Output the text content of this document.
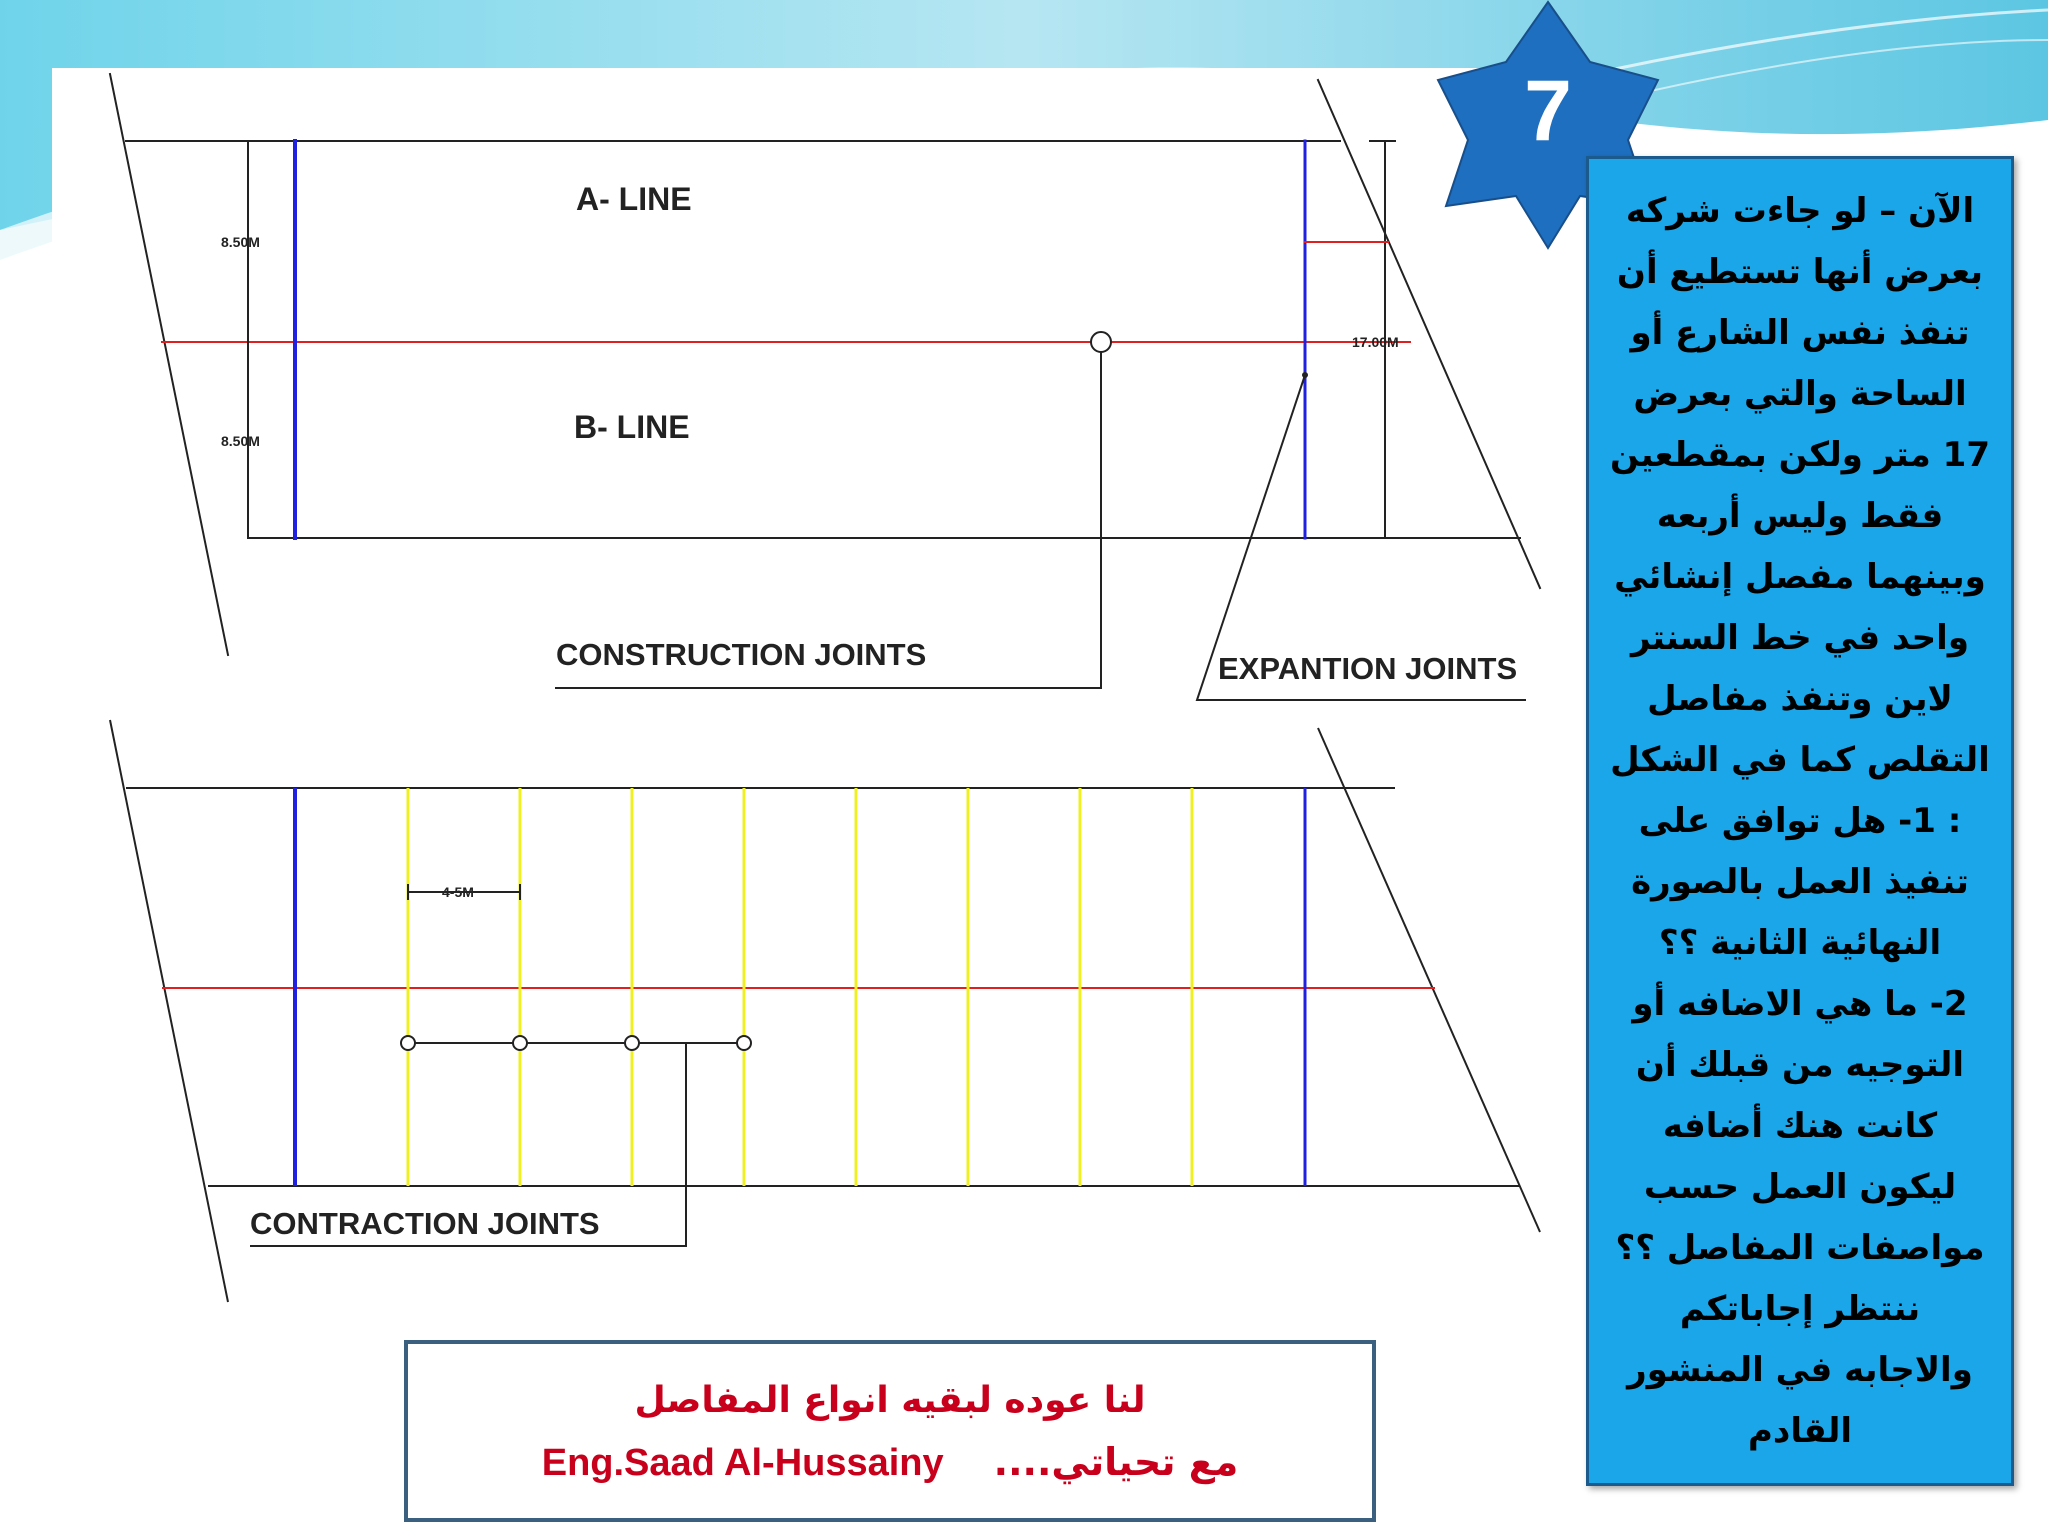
A- LINE
B- LINE
8.50M
8.50M
17.00M
CONSTRUCTION JOINTS	EXPANTION JOINTS
4-5M
CONTRACTION JOINTS
7
الآن – لو جاءت شركه
بعرض أنها تستطيع أن
تنفذ نفس الشارع أو
الساحة والتي بعرض
17 متر ولكن بمقطعين
فقط وليس أربعه
وبينهما مفصل إنشائي
واحد في خط السنتر
لاين وتنفذ مفاصل
التقلص كما في الشكل
: 1- هل توافق على
تنفيذ العمل بالصورة
النهائية الثانية ؟؟
2- ما هي الاضافه أو
التوجيه من قبلك أن
كانت هنك أضافه
ليكون العمل حسب
مواصفات المفاصل ؟؟
ننتظر إجاباتكم
والاجابه في المنشور
القادم
لنا عوده لبقيه انواع المفاصل
Eng.Saad Al-Hussainy مع تحياتي....
